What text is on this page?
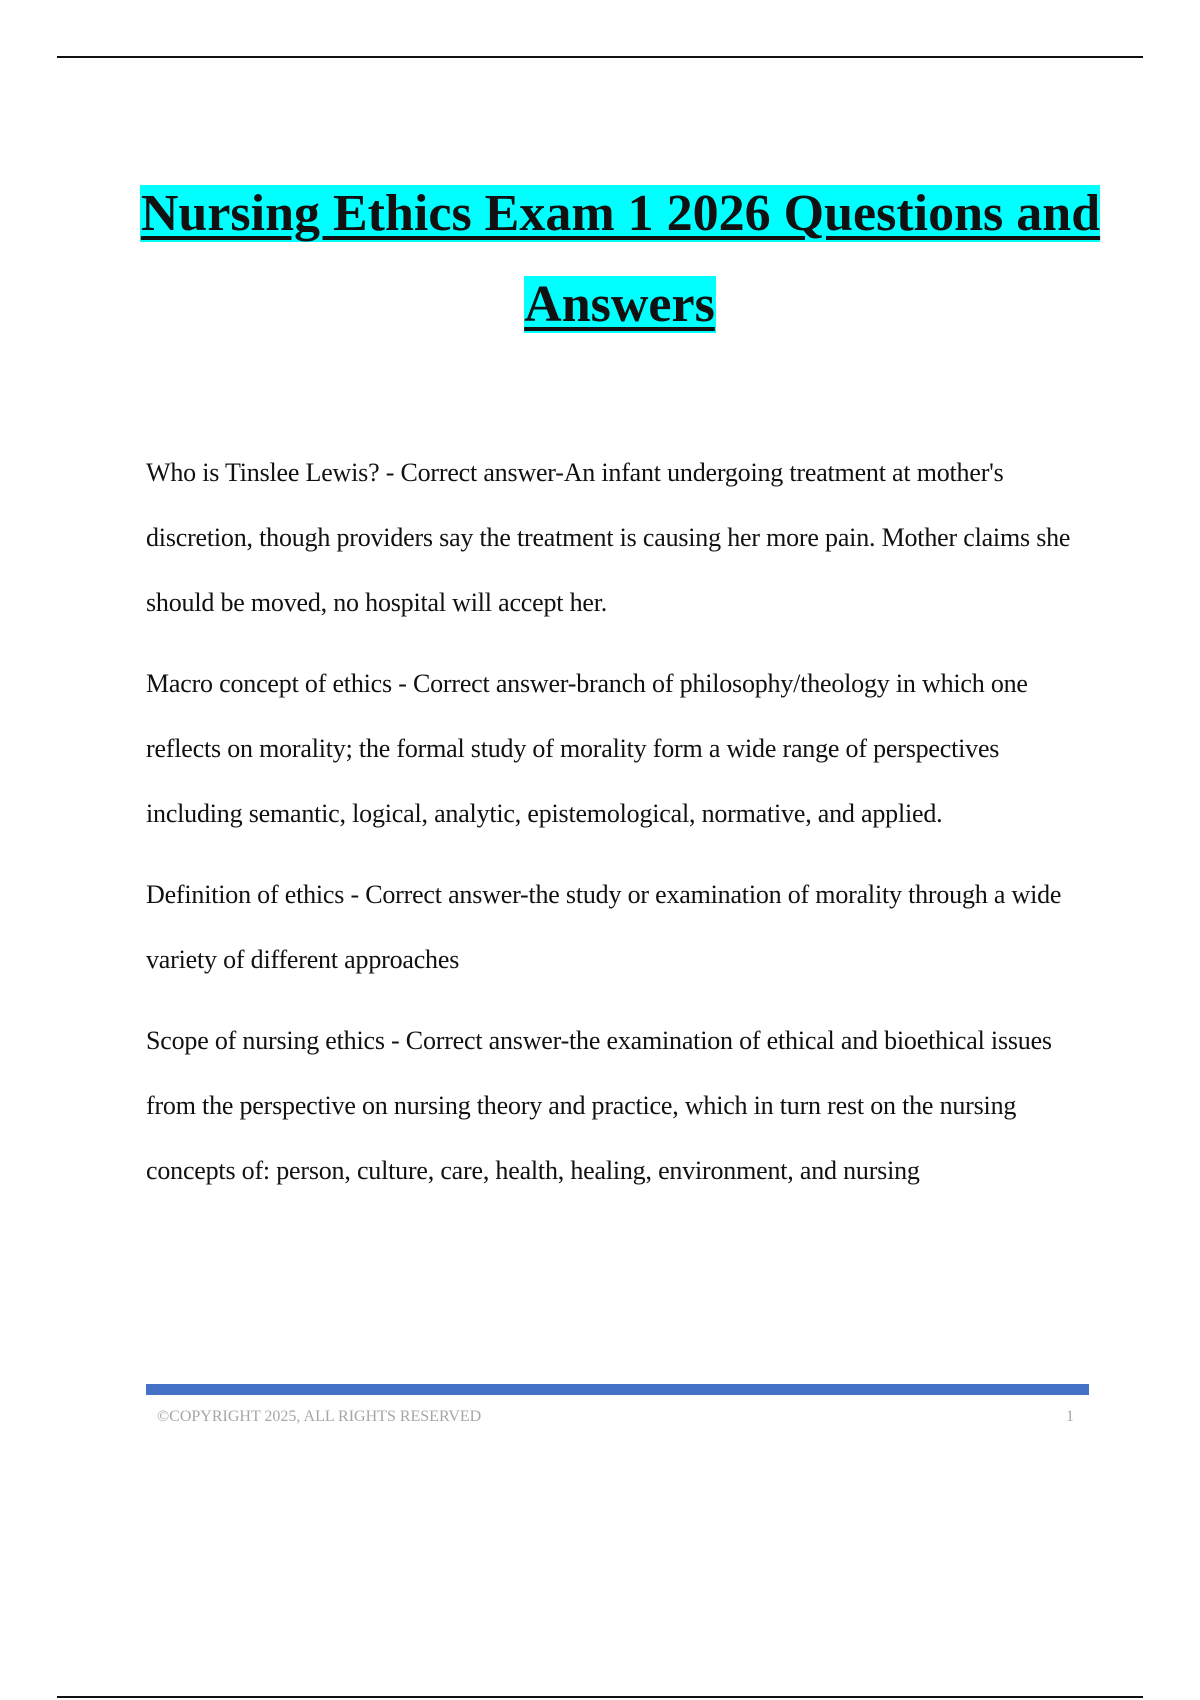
Nursing Ethics Exam 1 2026 Questions and Answers

Who is Tinslee Lewis? - Correct answer-An infant undergoing treatment at mother's discretion, though providers say the treatment is causing her more pain. Mother claims she should be moved, no hospital will accept her.

Macro concept of ethics - Correct answer-branch of philosophy/theology in which one reflects on morality; the formal study of morality form a wide range of perspectives including semantic, logical, analytic, epistemological, normative, and applied.

Definition of ethics - Correct answer-the study or examination of morality through a wide variety of different approaches

Scope of nursing ethics - Correct answer-the examination of ethical and bioethical issues from the perspective on nursing theory and practice, which in turn rest on the nursing concepts of: person, culture, care, health, healing, environment, and nursing

©COPYRIGHT 2025, ALL RIGHTS RESERVED	1
